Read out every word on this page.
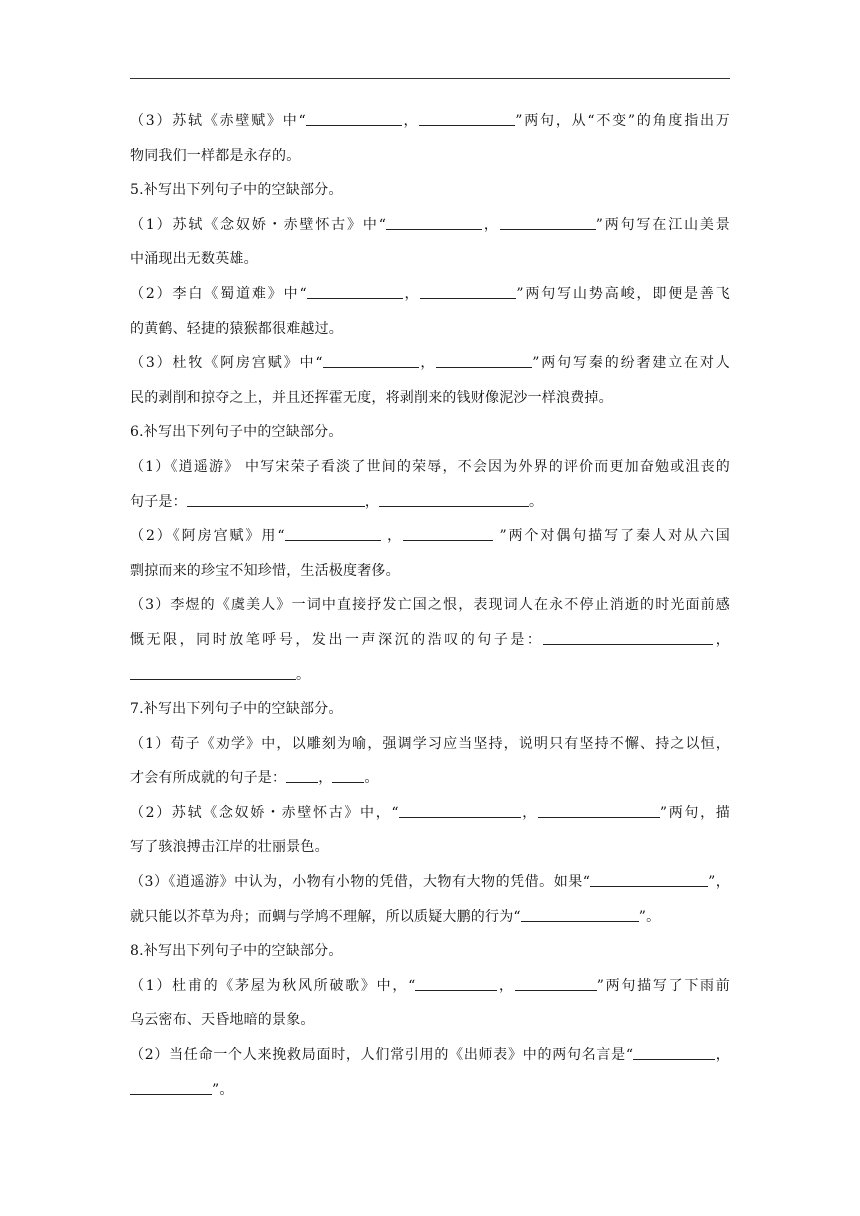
（3）苏轼《赤壁赋》中“	，	”两句，从“不变”的角度指出万
物同我们一样都是永存的。
5.补写出下列句子中的空缺部分。
（1）苏轼《念奴娇・赤壁怀古》中“	，	”两句写在江山美景
中涌现出无数英雄。
（2）李白《蜀道难》中“	，	”两句写山势高峻，即便是善飞
的黄鹤、轻捷的猿猴都很难越过。
（3）杜牧《阿房宫赋》中“	，	”两句写秦的纷奢建立在对人
民的剥削和掠夺之上，并且还挥霍无度，将剥削来的钱财像泥沙一样浪费掉。
6.补写出下列句子中的空缺部分。
（1）《逍遥游》 中写宋荣子看淡了世间的荣辱，不会因为外界的评价而更加奋勉或沮丧的
句子是：	，	。
（2）《阿房宫赋》用“	，	”两个对偶句描写了秦人对从六国
剽掠而来的珍宝不知珍惜，生活极度奢侈。
（3）李煜的《虞美人》一词中直接抒发亡国之恨，表现词人在永不停止消逝的时光面前感
慨无限，同时放笔呼号，发出一声深沉的浩叹的句子是：	，
。
7.补写出下列句子中的空缺部分。
（1）荀子《劝学》中，以雕刻为喻，强调学习应当坚持，说明只有坚持不懈、持之以恒，
才会有所成就的句子是： ， 。
（2）苏轼《念奴娇・赤壁怀古》中，“	，	”两句，描
写了骇浪搏击江岸的壮丽景色。
（3）《逍遥游》中认为，小物有小物的凭借，大物有大物的凭借。如果“	”，
就只能以芥草为舟；而蜩与学鸠不理解，所以质疑大鹏的行为“	”。
8.补写出下列句子中的空缺部分。
（1）杜甫的《茅屋为秋风所破歌》中，“	，	”两句描写了下雨前
乌云密布、天昏地暗的景象。
（2）当任命一个人来挽救局面时，人们常引用的《出师表》中的两句名言是“	，
”。
